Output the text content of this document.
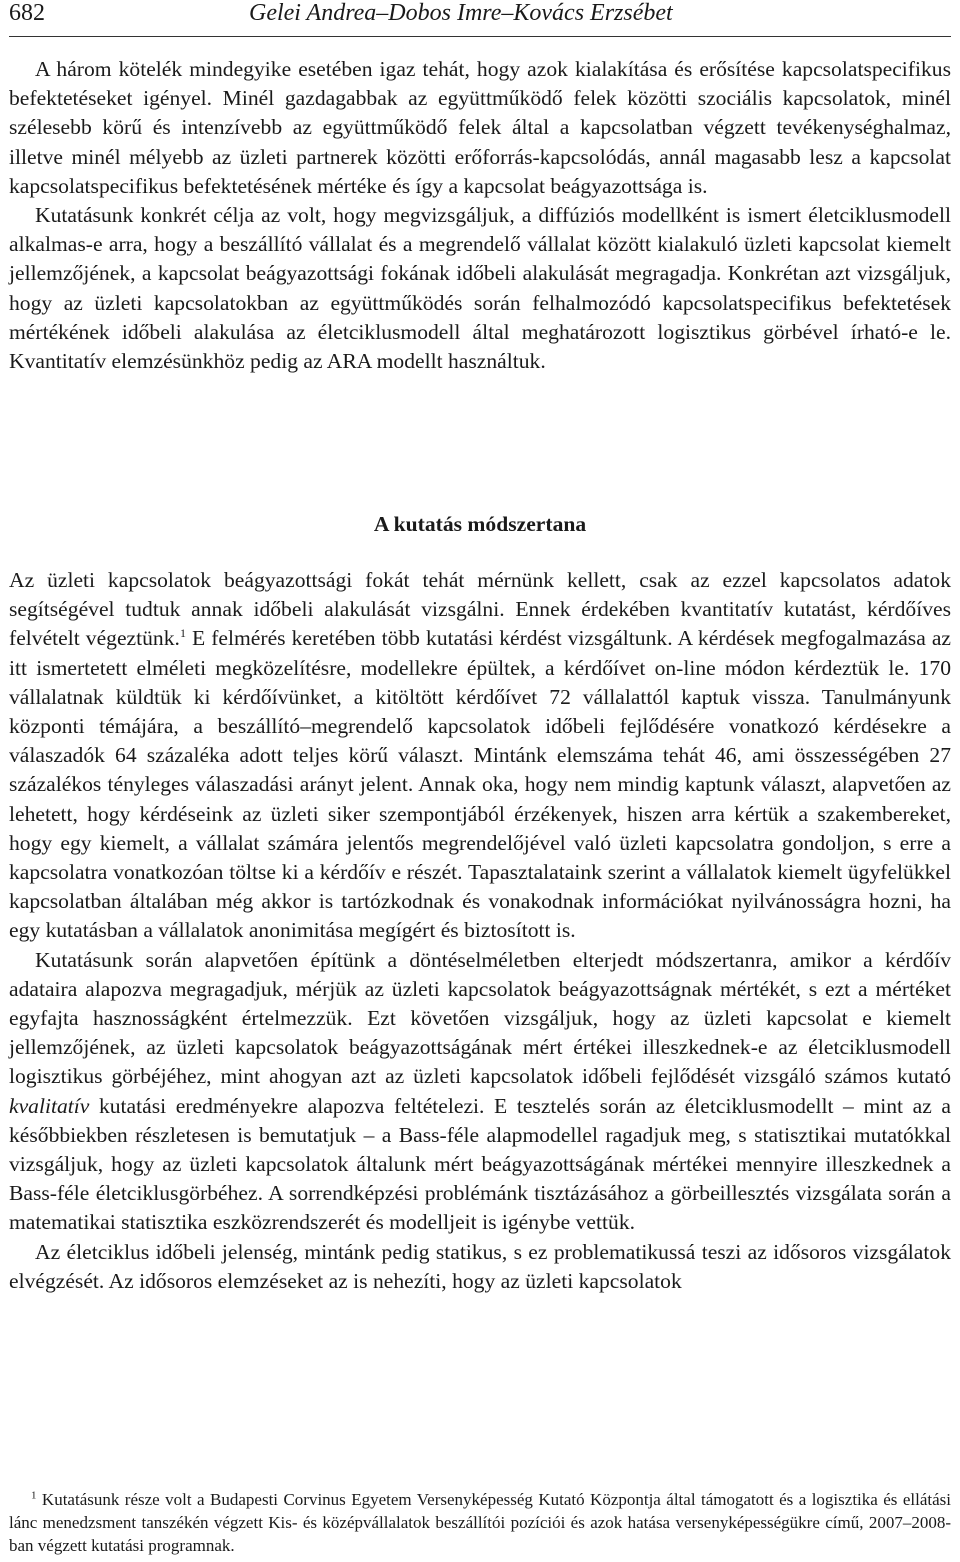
682	Gelei Andrea–Dobos Imre–Kovács Erzsébet

A három kötelék mindegyike esetében igaz tehát, hogy azok kialakítása és erősítése kapcsolatspecifikus befektetéseket igényel. Minél gazdagabbak az együttműködő felek közötti szociális kapcsolatok, minél szélesebb körű és intenzívebb az együttműködő felek által a kapcsolatban végzett tevékenységhalmaz, illetve minél mélyebb az üzleti partnerek közötti erőforrás-kapcsolódás, annál magasabb lesz a kapcsolat kapcsolatspecifikus befektetésének mértéke és így a kapcsolat beágyazottsága is.

Kutatásunk konkrét célja az volt, hogy megvizsgáljuk, a diffúziós modellként is ismert életciklusmodell alkalmas-e arra, hogy a beszállító vállalat és a megrendelő vállalat között kialakuló üzleti kapcsolat kiemelt jellemzőjének, a kapcsolat beágyazottsági fokának időbeli alakulását megragadja. Konkrétan azt vizsgáljuk, hogy az üzleti kapcsolatokban az együttműködés során felhalmozódó kapcsolatspecifikus befektetések mértékének időbeli alakulása az életciklusmodell által meghatározott logisztikus görbével írható-e le. Kvantitatív elemzésünkhöz pedig az ARA modellt használtuk.

A kutatás módszertana

Az üzleti kapcsolatok beágyazottsági fokát tehát mérnünk kellett, csak az ezzel kapcsolatos adatok segítségével tudtuk annak időbeli alakulását vizsgálni. Ennek érdekében kvantitatív kutatást, kérdőíves felvételt végeztünk.$^1$ E felmérés keretében több kutatási kérdést vizsgáltunk. A kérdések megfogalmazása az itt ismertetett elméleti megközelítésre, modellekre épültek, a kérdőívet on-line módon kérdeztük le. 170 vállalatnak küldtük ki kérdőívünket, a kitöltött kérdőívet 72 vállalattól kaptuk vissza. Tanulmányunk központi témájára, a beszállító–megrendelő kapcsolatok időbeli fejlődésére vonatkozó kérdésekre a válaszadók 64 százaléka adott teljes körű választ. Mintánk elemszáma tehát 46, ami összességében 27 százalékos tényleges válaszadási arányt jelent. Annak oka, hogy nem mindig kaptunk választ, alapvetően az lehetett, hogy kérdéseink az üzleti siker szempontjából érzékenyek, hiszen arra kértük a szakembereket, hogy egy kiemelt, a vállalat számára jelentős megrendelőjével való üzleti kapcsolatra gondoljon, s erre a kapcsolatra vonatkozóan töltse ki a kérdőív e részét. Tapasztalataink szerint a vállalatok kiemelt ügyfelükkel kapcsolatban általában még akkor is tartózkodnak és vonakodnak információkat nyilvánosságra hozni, ha egy kutatásban a vállalatok anonimitása megígért és biztosított is.

Kutatásunk során alapvetően építünk a döntéselméletben elterjedt módszertanra, amikor a kérdőív adataira alapozva megragadjuk, mérjük az üzleti kapcsolatok beágyazottságnak mértékét, s ezt a mértéket egyfajta hasznosságként értelmezzük. Ezt követően vizsgáljuk, hogy az üzleti kapcsolat e kiemelt jellemzőjének, az üzleti kapcsolatok beágyazottságának mért értékei illeszkednek-e az életciklusmodell logisztikus görbéjéhez, mint ahogyan azt az üzleti kapcsolatok időbeli fejlődését vizsgáló számos kutató kvalitatív kutatási eredményekre alapozva feltételezi. E tesztelés során az életciklusmodellt – mint az a későbbiekben részletesen is bemutatjuk – a Bass-féle alapmodellel ragadjuk meg, s statisztikai mutatókkal vizsgáljuk, hogy az üzleti kapcsolatok általunk mért beágyazottságának mértékei mennyire illeszkednek a Bass-féle életciklusgörbéhez. A sorrendképzési problémánk tisztázásához a görbeillesztés vizsgálata során a matematikai statisztika eszközrendszerét és modelljeit is igénybe vettük.

Az életciklus időbeli jelenség, mintánk pedig statikus, s ez problematikussá teszi az idősoros vizsgálatok elvégzését. Az idősoros elemzéseket az is nehezíti, hogy az üzleti kapcsolatok

$^1$ Kutatásunk része volt a Budapesti Corvinus Egyetem Versenyképesség Kutató Központja által támogatott és a logisztika és ellátási lánc menedzsment tanszékén végzett Kis- és középvállalatok beszállítói pozíciói és azok hatása versenyképességükre című, 2007–2008-ban végzett kutatási programnak.
